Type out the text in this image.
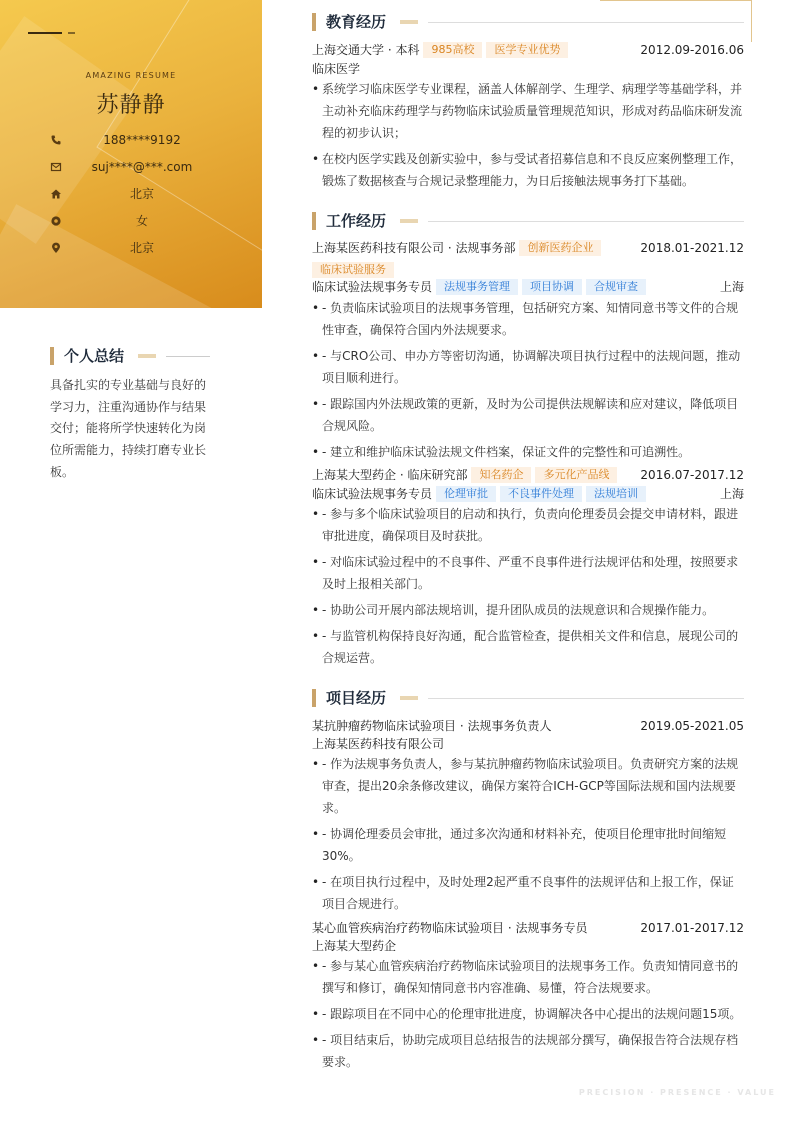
AMAZING RESUME
苏静静
188****9192
suj****@***.com
北京
女
北京
个人总结
具备扎实的专业基础与良好的学习力，注重沟通协作与结果交付；能将所学快速转化为岗位所需能力，持续打磨专业长板。
教育经历
上海交通大学 · 本科 985高校 医学专业优势	2012.09-2016.06
临床医学
• 系统学习临床医学专业课程，涵盖人体解剖学、生理学、病理学等基础学科，并主动补充临床药理学与药物临床试验质量管理规范知识，形成对药品临床研发流程的初步认识；
• 在校内医学实践及创新实验中，参与受试者招募信息和不良反应案例整理工作，锻炼了数据核查与合规记录整理能力，为日后接触法规事务打下基础。
工作经历
上海某医药科技有限公司 · 法规事务部 创新医药企业	2018.01-2021.12
临床试验服务
临床试验法规事务专员 法规事务管理 项目协调 合规审查	上海
• - 负责临床试验项目的法规事务管理，包括研究方案、知情同意书等文件的合规性审查，确保符合国内外法规要求。
• - 与CRO公司、申办方等密切沟通，协调解决项目执行过程中的法规问题，推动项目顺利进行。
• - 跟踪国内外法规政策的更新，及时为公司提供法规解读和应对建议，降低项目合规风险。
• - 建立和维护临床试验法规文件档案，保证文件的完整性和可追溯性。
上海某大型药企 · 临床研究部 知名药企 多元化产品线	2016.07-2017.12
临床试验法规事务专员 伦理审批 不良事件处理 法规培训	上海
• - 参与多个临床试验项目的启动和执行，负责向伦理委员会提交申请材料，跟进审批进度，确保项目及时获批。
• - 对临床试验过程中的不良事件、严重不良事件进行法规评估和处理，按照要求及时上报相关部门。
• - 协助公司开展内部法规培训，提升团队成员的法规意识和合规操作能力。
• - 与监管机构保持良好沟通，配合监管检查，提供相关文件和信息，展现公司的合规运营。
项目经历
某抗肿瘤药物临床试验项目 · 法规事务负责人	2019.05-2021.05
上海某医药科技有限公司
• - 作为法规事务负责人，参与某抗肿瘤药物临床试验项目。负责研究方案的法规审查，提出20余条修改建议，确保方案符合ICH-GCP等国际法规和国内法规要求。
• - 协调伦理委员会审批，通过多次沟通和材料补充，使项目伦理审批时间缩短30%。
• - 在项目执行过程中，及时处理2起严重不良事件的法规评估和上报工作，保证项目合规进行。
某心血管疾病治疗药物临床试验项目 · 法规事务专员	2017.01-2017.12
上海某大型药企
• - 参与某心血管疾病治疗药物临床试验项目的法规事务工作。负责知情同意书的撰写和修订，确保知情同意书内容准确、易懂，符合法规要求。
• - 跟踪项目在不同中心的伦理审批进度，协调解决各中心提出的法规问题15项。
• - 项目结束后，协助完成项目总结报告的法规部分撰写，确保报告符合法规存档要求。
PRECISION · PRESENCE · VALUE
